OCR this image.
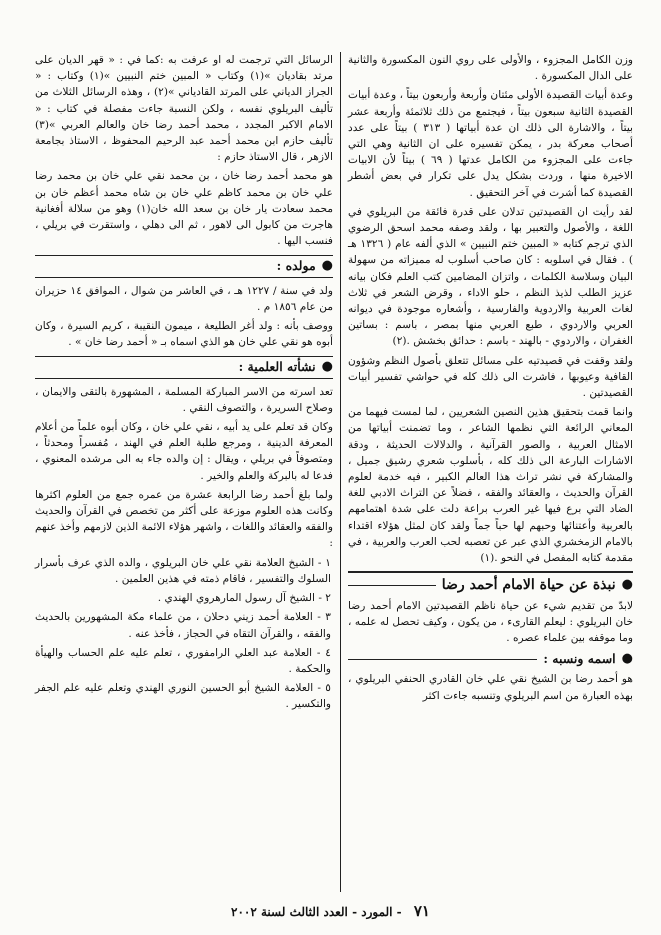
وزن الكامل المجزوء ، والأولى على روي النون المكسورة والثانية على الدال المكسورة .

وعدة أبيات القصيدة الأولى مئتان وأربعة وأربعون بيتاً ، وعدة أبيات القصيدة الثانية سبعون بيتاً ، فيجتمع من ذلك ثلاثمئة وأربعة عشر بيتاً ، والاشارة الى ذلك ان عدة أبياتها ( ٣١٣ ) بيتاً على عدد أصحاب معركة بدر ، يمكن تفسيره على ان الثانية وهي التي جاءت على المجزوء من الكامل عدتها ( ٦٩ ) بيتاً لأن الابيات الاخيرة منها ، وردت بشكل يدل على تكرار في بعض أشطر القصيدة كما أشرت في آخر التحقيق .

لقد رأيت ان القصيدتين تدلان على قدرة فائقة من البريلوي في اللغة ، والأصول والتعبير بها ، ولقد وصفه محمد اسحق الرضوي الذي ترجم كتابه « المبين ختم النبيين » الذي ألفه عام ( ١٣٢٦ هـ ) . فقال في اسلوبه : كان صاحب أسلوب له مميزاته من سهولة البيان وسلاسة الكلمات ، واتزان المضامين كتب العلم فكان بيانه عزيز الطلب لذيذ النظم ، حلو الاداء ، وقرض الشعر في ثلاث لغات العربية والاردوية والفارسية ، وأشعاره موجودة في ديوانه العربي والاردوي ، طبع العربي منها بمصر ، باسم : بساتين الغفران ، والاردوي - بالهند - باسم : حدائق بخشش .(٢)

ولقد وقفت في قصيدتيه على مسائل تتعلق بأصول النظم وشؤون القافية وعيوبها ، فاشرت الى ذلك كله في حواشي تفسير أبيات القصيدتين .

وانما قمت بتحقيق هذين النصين الشعريين ، لما لمست فيهما من المعاني الرائعة التي نظمها الشاعر ، وما تضمنت أبياتها من الامثال العربية ، والصور القرآنية ، والدلالات الحديثة ، ودقة الاشارات البارعة الى ذلك كله ، بأسلوب شعري رشيق جميل ، والمشاركة في نشر تراث هذا العالم الكبير ، فيه خدمة لعلوم القرآن والحديث ، والعقائد والفقه ، فضلاً عن التراث الادبي للغة الضاد التي برع فيها غير العرب براعة دلت على شدة اهتمامهم بالعربية وأعتنائها وحبهم لها حباً جماً ولقد كان لمثل هؤلاء اقتداء بالامام الزمخشري الذي عبر عن تعصبه لحب العرب والعربية ، في مقدمة كتابه المفصل في النحو .(١)

●
نبذة عن حياة الامام أحمد رضا

لابدّ من تقديم شيء عن حياة ناظم القصيدتين الامام أحمد رضا خان البريلوي : ليعلم القارىء ، من يكون ، وكيف تحصل له علمه ، وما موقفه بين علماء عصره .

●
اسمه ونسبه :

هو أحمد رضا بن الشيخ نقي علي خان القادري الحنفي البريلوي ، بهذه العبارة من اسم البريلوي وتنسبه جاءت اكثر

الرسائل التي ترجمت له او عرفت به :كما في : « قهر الديان على مرتد بقاديان »(١) وكتاب « المبين ختم النبيين »(١) وكتاب : « الجراز الدياني على المرتد القادياني »(٢) ، وهذه الرسائل الثلاث من تأليف البريلوي نفسه ، ولكن النسبة جاءت مفصلة في كتاب : « الامام الاكبر المجدد ، محمد أحمد رضا خان والعالم العربي »(٣) تأليف حازم ابن محمد أحمد عبد الرحيم المحفوظ ، الاستاذ بجامعة الازهر ، قال الاستاذ حازم :

هو محمد أحمد رضا خان ، بن محمد نقي علي خان بن محمد رضا علي خان بن محمد كاظم علي خان بن شاه محمد أعظم خان بن محمد سعادت يار خان بن سعد الله خان(١) وهو من سلالة أفغانية هاجرت من كابول الى لاهور ، ثم الى دهلي ، واستقرت في بريلي ، فنسب اليها .

●
مولده :

ولد في سنة / ١٢٢٧ هـ ، في العاشر من شوال ، الموافق ١٤ حزيران من عام ١٨٥٦ م .

ووصف بأنه : ولد أغر الطليعة ، ميمون النقيبة ، كريم السيرة ، وكان أبوه هو نقي علي خان هو الذي اسماه بـ « أحمد رضا خان » .

●
نشأته العلمية :

تعد اسرته من الاسر المباركة المسلمة ، المشهورة بالتقى والايمان ، وصلاح السريرة ، والتصوف النقي .

وكان قد تعلم على يد أبيه ، نقي علي خان ، وكان أبوه علماً من أعلام المعرفة الدينية ، ومرجع طلبة العلم في الهند ، مُفسراً ومحدثاً ، ومتصوفاً في بريلي ، ويقال : إن والده جاء به الى مرشده المعنوي ، فدعا له بالبركة والعلم والخير .

ولما بلغ أحمد رضا الرابعة عشرة من عمره جمع من العلوم اكثرها وكانت هذه العلوم موزعة على أكثر من تخصص في القرآن والحديث والفقه والعقائد واللغات ، واشهر هؤلاء الائمة الذين لازمهم وأخذ عنهم :

١ - الشيخ العلامة نقي علي خان البريلوي ، والده الذي عرف بأسرار السلوك والتفسير ، فاقام ذمته في هذين العلمين .

٢ - الشيخ آل رسول المارهروي الهندي .

٣ - العلامة أحمد زيني دحلان ، من علماء مكة المشهورين بالحديث والفقه ، والقرآن التقاه في الحجاز ، فأخذ عنه .

٤ - العلامة عبد العلي الرامفوري ، تعلم عليه علم الحساب والهيأة والحكمة .

٥ - العلامة الشيخ أبو الحسين النوري الهندي وتعلم عليه علم الجفر والتكسير .

٧١ - المورد - العدد الثالث لسنة ٢٠٠٢
